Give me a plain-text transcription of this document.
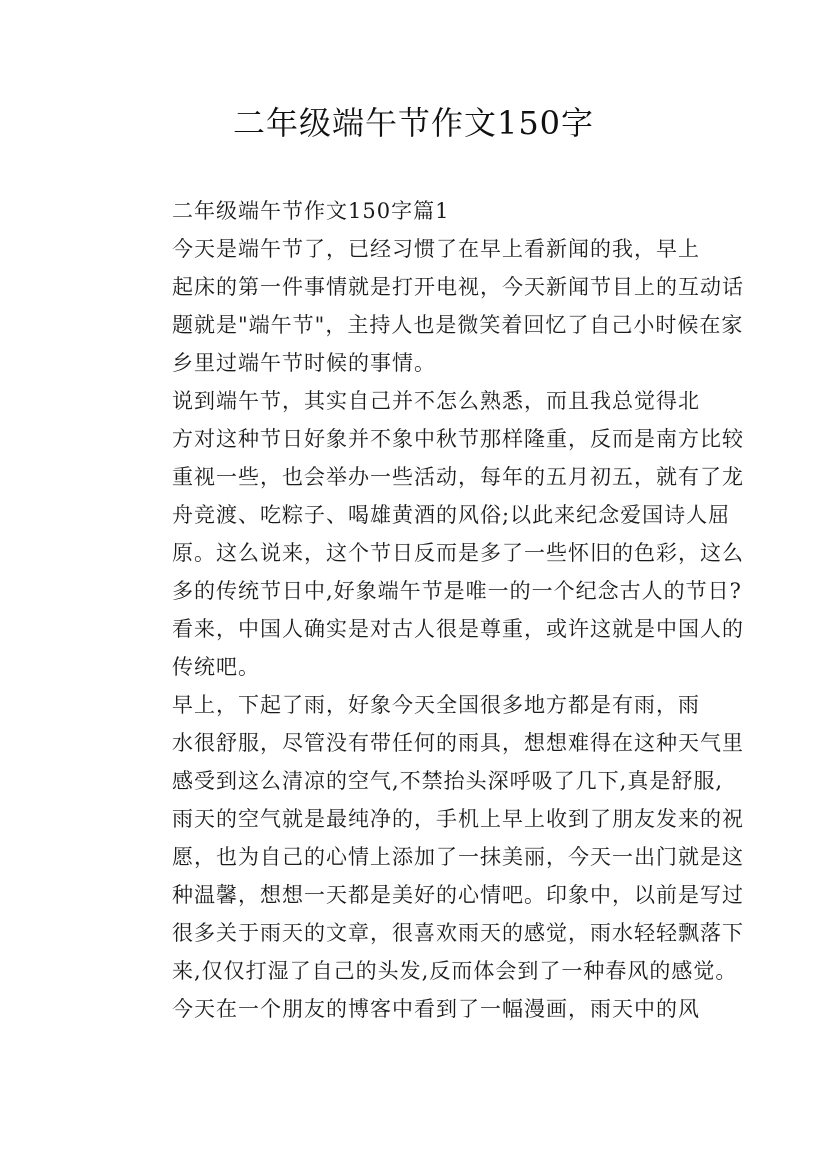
二年级端午节作文150字

二年级端午节作文150字篇1

今天是端午节了，已经习惯了在早上看新闻的我，早上
起床的第一件事情就是打开电视，今天新闻节目上的互动话
题就是"端午节"，主持人也是微笑着回忆了自己小时候在家
乡里过端午节时候的事情。

说到端午节，其实自己并不怎么熟悉，而且我总觉得北
方对这种节日好象并不象中秋节那样隆重，反而是南方比较
重视一些，也会举办一些活动，每年的五月初五，就有了龙
舟竞渡、吃粽子、喝雄黄酒的风俗;以此来纪念爱国诗人屈
原。这么说来，这个节日反而是多了一些怀旧的色彩，这么
多的传统节日中,好象端午节是唯一的一个纪念古人的节日?
看来，中国人确实是对古人很是尊重，或许这就是中国人的
传统吧。

早上，下起了雨，好象今天全国很多地方都是有雨，雨
水很舒服，尽管没有带任何的雨具，想想难得在这种天气里
感受到这么清凉的空气,不禁抬头深呼吸了几下,真是舒服,
雨天的空气就是最纯净的，手机上早上收到了朋友发来的祝
愿，也为自己的心情上添加了一抹美丽，今天一出门就是这
种温馨，想想一天都是美好的心情吧。印象中，以前是写过
很多关于雨天的文章，很喜欢雨天的感觉，雨水轻轻飘落下
来,仅仅打湿了自己的头发,反而体会到了一种春风的感觉。

今天在一个朋友的博客中看到了一幅漫画，雨天中的风
